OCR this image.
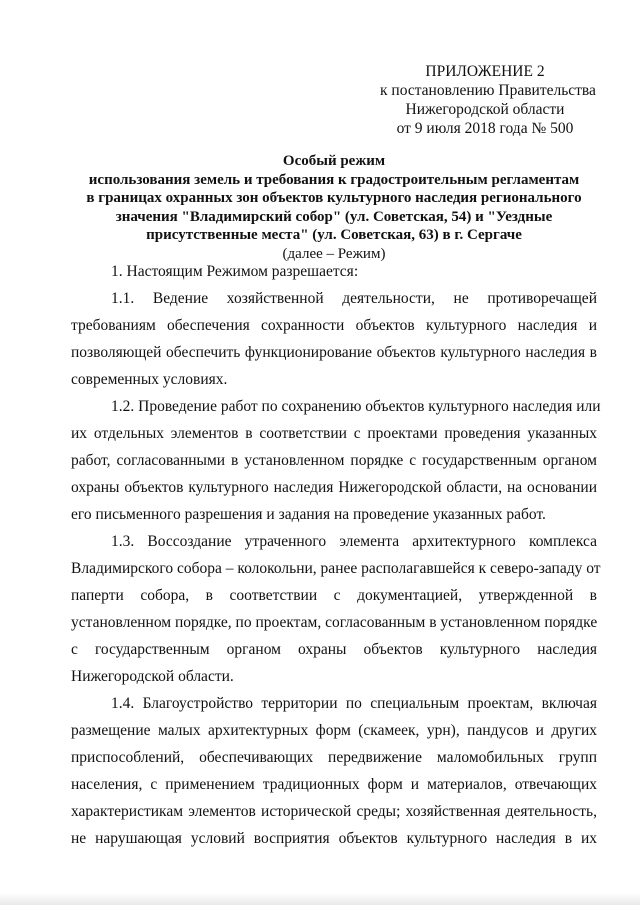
ПРИЛОЖЕНИЕ 2
к постановлению Правительства
Нижегородской области
от 9 июля 2018 года № 500
Особый режим
использования земель и требования к градостроительным регламентам
в границах охранных зон объектов культурного наследия регионального
значения "Владимирский собор" (ул. Советская, 54) и "Уездные
присутственные места" (ул. Советская, 63) в г. Сергаче
(далее – Режим)
1. Настоящим Режимом разрешается:
1.1. Ведение хозяйственной деятельности, не противоречащей
требованиям обеспечения сохранности объектов культурного наследия и
позволяющей обеспечить функционирование объектов культурного наследия в
современных условиях.
1.2. Проведение работ по сохранению объектов культурного наследия или
их отдельных элементов в соответствии с проектами проведения указанных
работ, согласованными в установленном порядке с государственным органом
охраны объектов культурного наследия Нижегородской области, на основании
его письменного разрешения и задания на проведение указанных работ.
1.3. Воссоздание утраченного элемента архитектурного комплекса
Владимирского собора – колокольни, ранее располагавшейся к северо-западу от
паперти собора, в соответствии с документацией, утвержденной в
установленном порядке, по проектам, согласованным в установленном порядке
с государственным органом охраны объектов культурного наследия
Нижегородской области.
1.4. Благоустройство территории по специальным проектам, включая
размещение малых архитектурных форм (скамеек, урн), пандусов и других
приспособлений, обеспечивающих передвижение маломобильных групп
населения, с применением традиционных форм и материалов, отвечающих
характеристикам элементов исторической среды; хозяйственная деятельность,
не нарушающая условий восприятия объектов культурного наследия в их
